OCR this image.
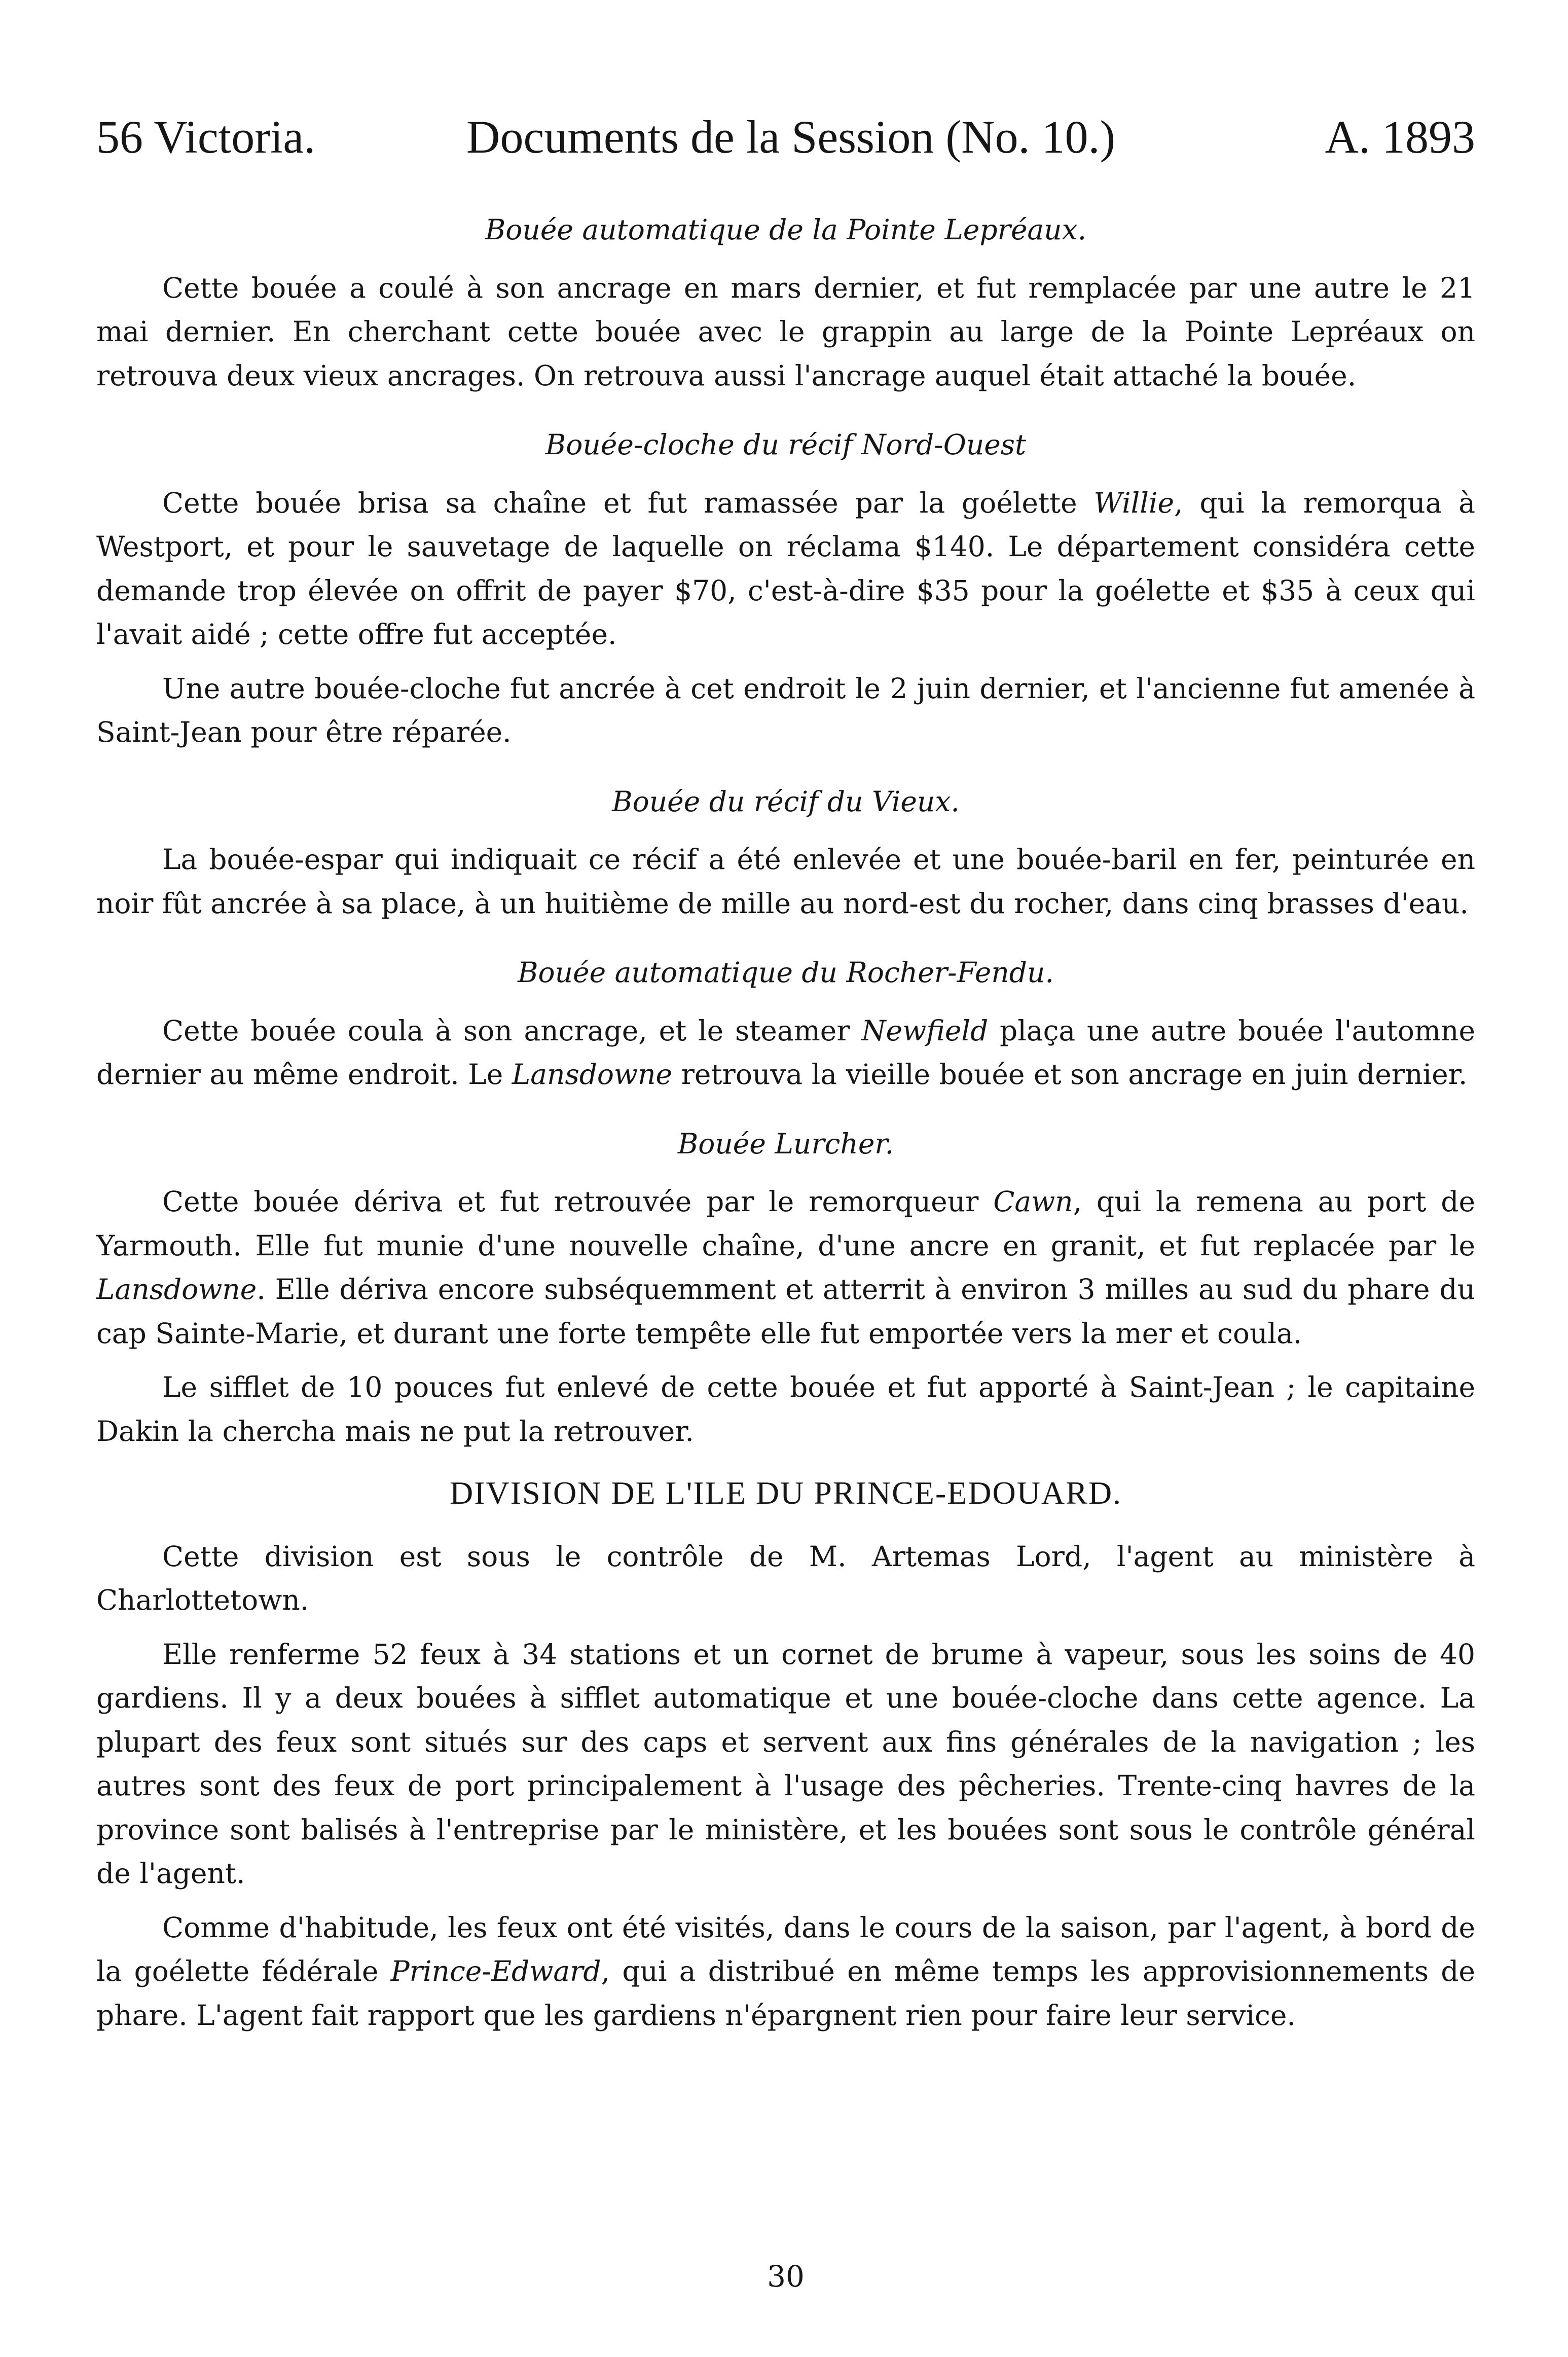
56 Victoria.	Documents de la Session (No. 10.)	A. 1893

Bouée automatique de la Pointe Lepréaux.

Cette bouée a coulé à son ancrage en mars dernier, et fut remplacée par une autre le 21 mai dernier. En cherchant cette bouée avec le grappin au large de la Pointe Lepréaux on retrouva deux vieux ancrages. On retrouva aussi l'ancrage auquel était attaché la bouée.

Bouée-cloche du récif Nord-Ouest

Cette bouée brisa sa chaîne et fut ramassée par la goélette Willie, qui la remorqua à Westport, et pour le sauvetage de laquelle on réclama $140. Le département considéra cette demande trop élevée on offrit de payer $70, c'est-à-dire $35 pour la goélette et $35 à ceux qui l'avait aidé ; cette offre fut acceptée.

Une autre bouée-cloche fut ancrée à cet endroit le 2 juin dernier, et l'ancienne fut amenée à Saint-Jean pour être réparée.

Bouée du récif du Vieux.

La bouée-espar qui indiquait ce récif a été enlevée et une bouée-baril en fer, peinturée en noir fût ancrée à sa place, à un huitième de mille au nord-est du rocher, dans cinq brasses d'eau.

Bouée automatique du Rocher-Fendu.

Cette bouée coula à son ancrage, et le steamer Newfield plaça une autre bouée l'automne dernier au même endroit. Le Lansdowne retrouva la vieille bouée et son ancrage en juin dernier.

Bouée Lurcher.

Cette bouée dériva et fut retrouvée par le remorqueur Cawn, qui la remena au port de Yarmouth. Elle fut munie d'une nouvelle chaîne, d'une ancre en granit, et fut replacée par le Lansdowne. Elle dériva encore subséquemment et atterrit à environ 3 milles au sud du phare du cap Sainte-Marie, et durant une forte tempête elle fut emportée vers la mer et coula.

Le sifflet de 10 pouces fut enlevé de cette bouée et fut apporté à Saint-Jean ; le capitaine Dakin la chercha mais ne put la retrouver.

DIVISION DE L'ILE DU PRINCE-EDOUARD.

Cette division est sous le contrôle de M. Artemas Lord, l'agent au ministère à Charlottetown.

Elle renferme 52 feux à 34 stations et un cornet de brume à vapeur, sous les soins de 40 gardiens. Il y a deux bouées à sifflet automatique et une bouée-cloche dans cette agence. La plupart des feux sont situés sur des caps et servent aux fins générales de la navigation ; les autres sont des feux de port principalement à l'usage des pêcheries. Trente-cinq havres de la province sont balisés à l'entreprise par le ministère, et les bouées sont sous le contrôle général de l'agent.

Comme d'habitude, les feux ont été visités, dans le cours de la saison, par l'agent, à bord de la goélette fédérale Prince-Edward, qui a distribué en même temps les approvisionnements de phare. L'agent fait rapport que les gardiens n'épargnent rien pour faire leur service.

30
